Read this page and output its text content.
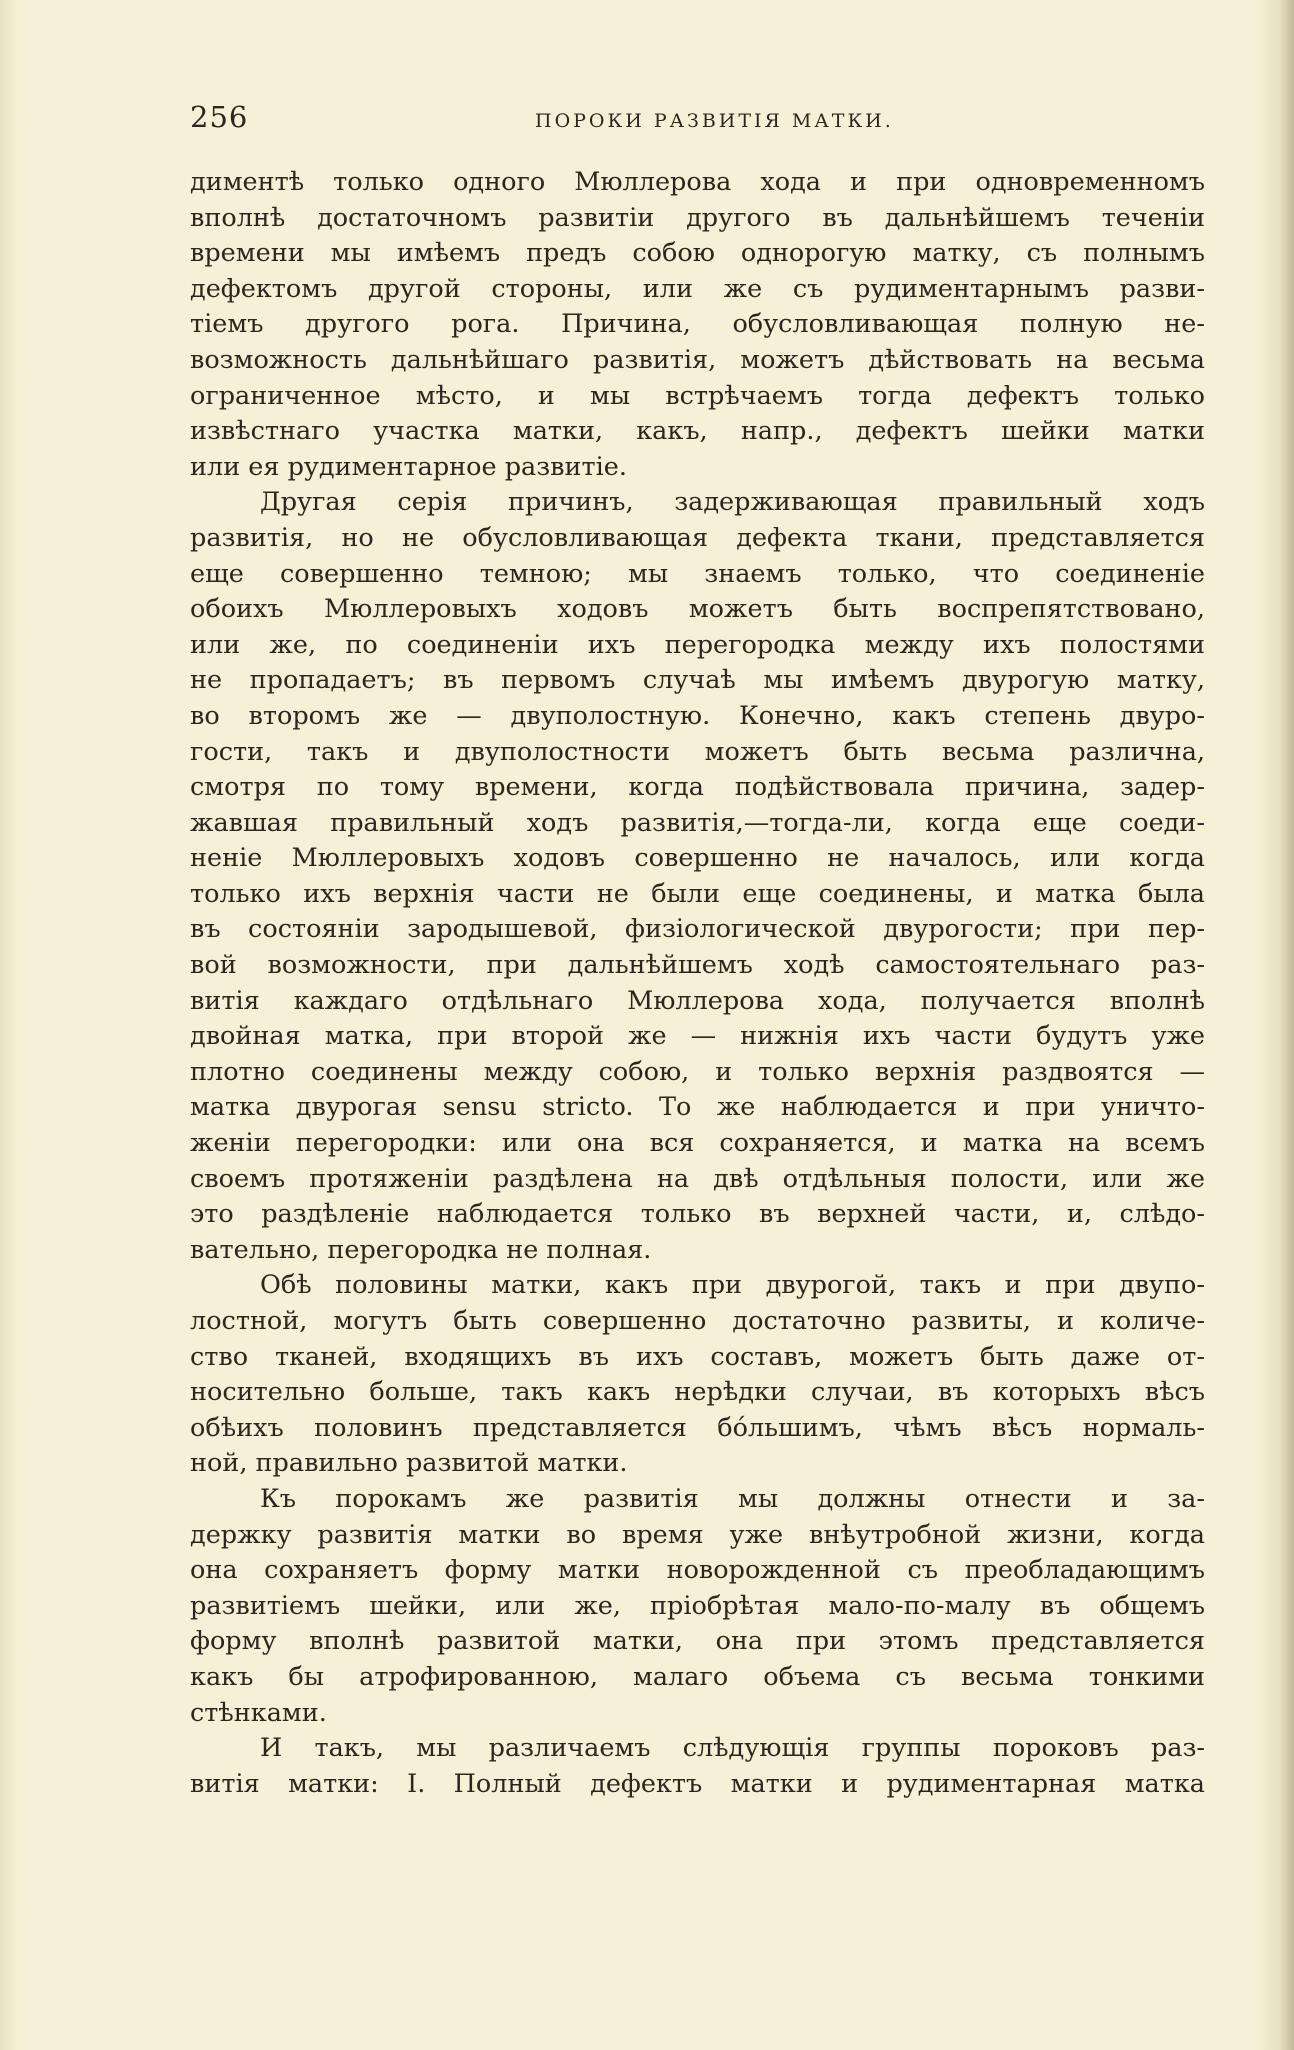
256	ПОРОКИ РАЗВИТІЯ МАТКИ.
диментѣ только одного Мюллерова хода и при одновременномъ
вполнѣ достаточномъ развитіи другого въ дальнѣйшемъ теченіи
времени мы имѣемъ предъ собою однорогую матку, съ полнымъ
дефектомъ другой стороны, или же съ рудиментарнымъ разви-
тіемъ другого рога. Причина, обусловливающая полную не-
возможность дальнѣйшаго развитія, можетъ дѣйствовать на весьма
ограниченное мѣсто, и мы встрѣчаемъ тогда дефектъ только
извѣстнаго участка матки, какъ, напр., дефектъ шейки матки
или ея рудиментарное развитіе.
Другая серія причинъ, задерживающая правильный ходъ
развитія, но не обусловливающая дефекта ткани, представляется
еще совершенно темною; мы знаемъ только, что соединеніе
обоихъ Мюллеровыхъ ходовъ можетъ быть воспрепятствовано,
или же, по соединеніи ихъ перегородка между ихъ полостями
не пропадаетъ; въ первомъ случаѣ мы имѣемъ двурогую матку,
во второмъ же — двуполостную. Конечно, какъ степень двуро-
гости, такъ и двуполостности можетъ быть весьма различна,
смотря по тому времени, когда подѣйствовала причина, задер-
жавшая правильный ходъ развитія,—тогда-ли, когда еще соеди-
неніе Мюллеровыхъ ходовъ совершенно не началось, или когда
только ихъ верхнія части не были еще соединены, и матка была
въ состояніи зародышевой, физіологической двурогости; при пер-
вой возможности, при дальнѣйшемъ ходѣ самостоятельнаго раз-
витія каждаго отдѣльнаго Мюллерова хода, получается вполнѣ
двойная матка, при второй же — нижнія ихъ части будутъ уже
плотно соединены между собою, и только верхнія раздвоятся —
матка двурогая sensu stricto. То же наблюдается и при уничто-
женіи перегородки: или она вся сохраняется, и матка на всемъ
своемъ протяженіи раздѣлена на двѣ отдѣльныя полости, или же
это раздѣленіе наблюдается только въ верхней части, и, слѣдо-
вательно, перегородка не полная.
Обѣ половины матки, какъ при двурогой, такъ и при двупо-
лостной, могутъ быть совершенно достаточно развиты, и количе-
ство тканей, входящихъ въ ихъ составъ, можетъ быть даже от-
носительно больше, такъ какъ нерѣдки случаи, въ которыхъ вѣсъ
обѣихъ половинъ представляется бóльшимъ, чѣмъ вѣсъ нормаль-
ной, правильно развитой матки.
Къ порокамъ же развитія мы должны отнести и за-
держку развитія матки во время уже внѣутробной жизни, когда
она сохраняетъ форму матки новорожденной съ преобладающимъ
развитіемъ шейки, или же, пріобрѣтая мало-по-малу въ общемъ
форму вполнѣ развитой матки, она при этомъ представляется
какъ бы атрофированною, малаго объема съ весьма тонкими
стѣнками.
И такъ, мы различаемъ слѣдующія группы пороковъ раз-
витія матки: I. Полный дефектъ матки и рудиментарная матка
